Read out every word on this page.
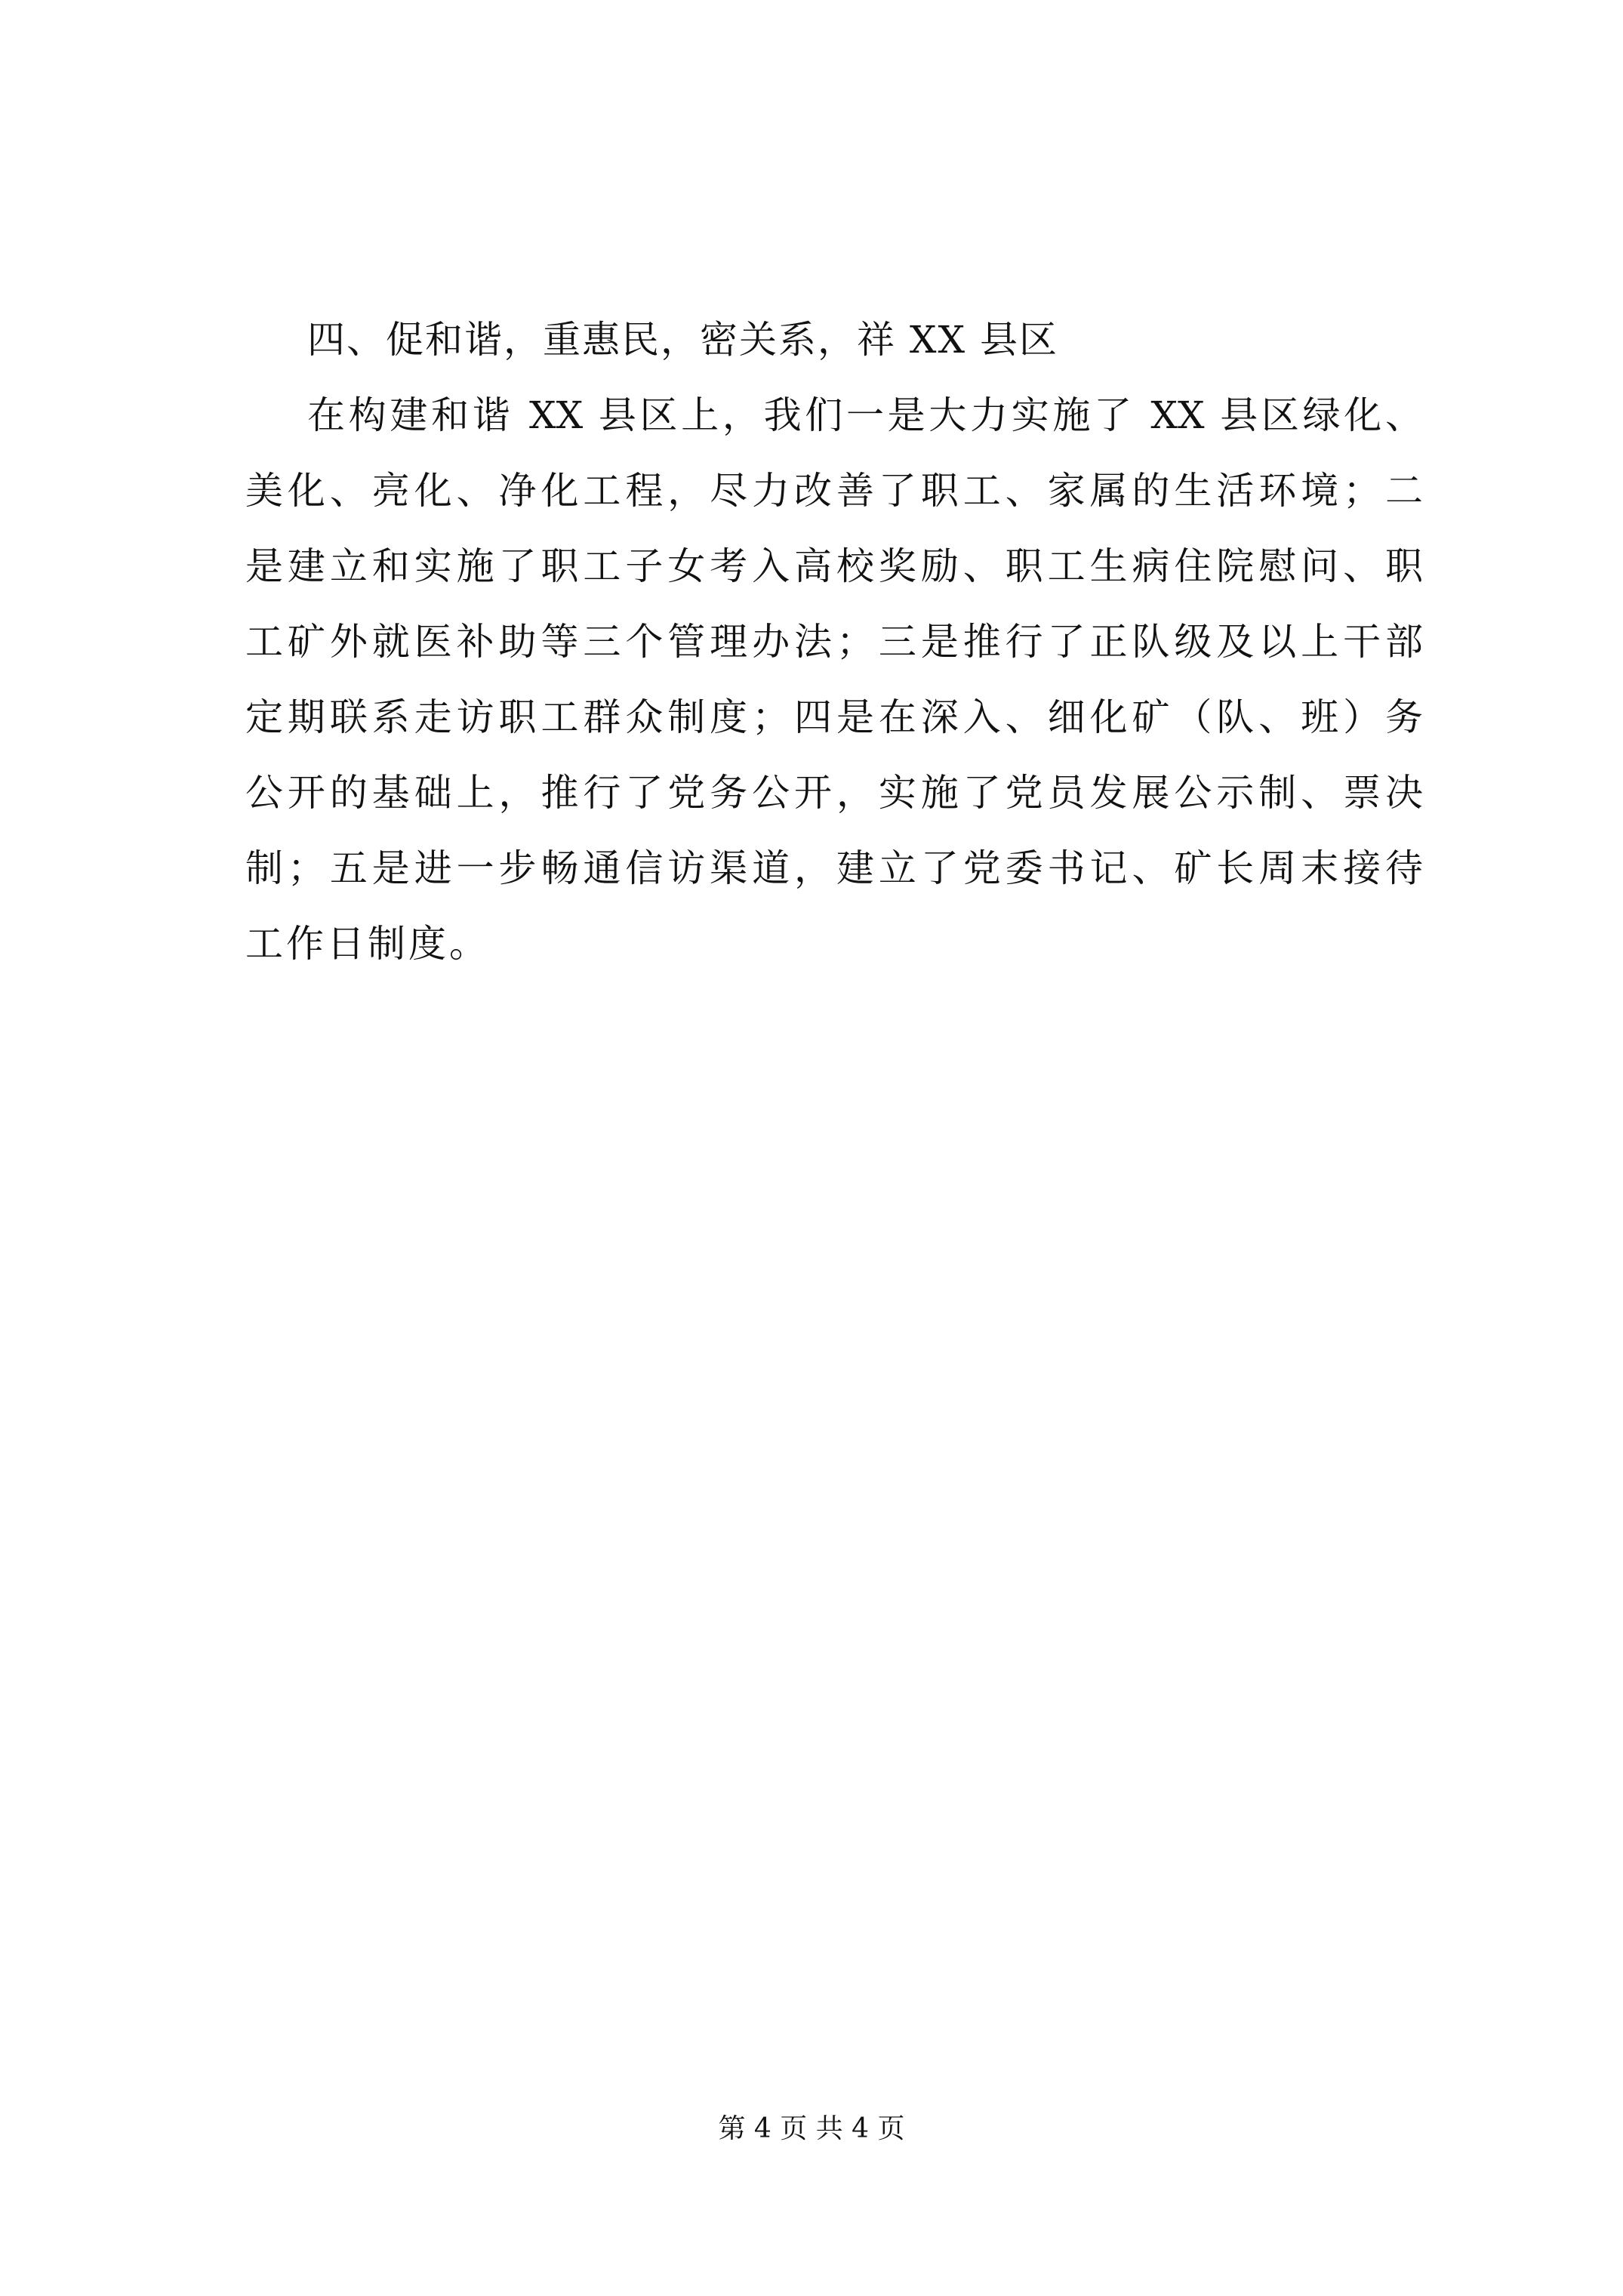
四、促和谐，重惠民，密关系，祥 XX 县区
在构建和谐 XX 县区上，我们一是大力实施了 XX 县区绿化、
美化、亮化、净化工程，尽力改善了职工、家属的生活环境；二
是建立和实施了职工子女考入高校奖励、职工生病住院慰问、职
工矿外就医补助等三个管理办法；三是推行了正队级及以上干部
定期联系走访职工群众制度；四是在深入、细化矿（队、班）务
公开的基础上，推行了党务公开，实施了党员发展公示制、票决
制；五是进一步畅通信访渠道，建立了党委书记、矿长周末接待
工作日制度。
第 4 页 共 4 页
